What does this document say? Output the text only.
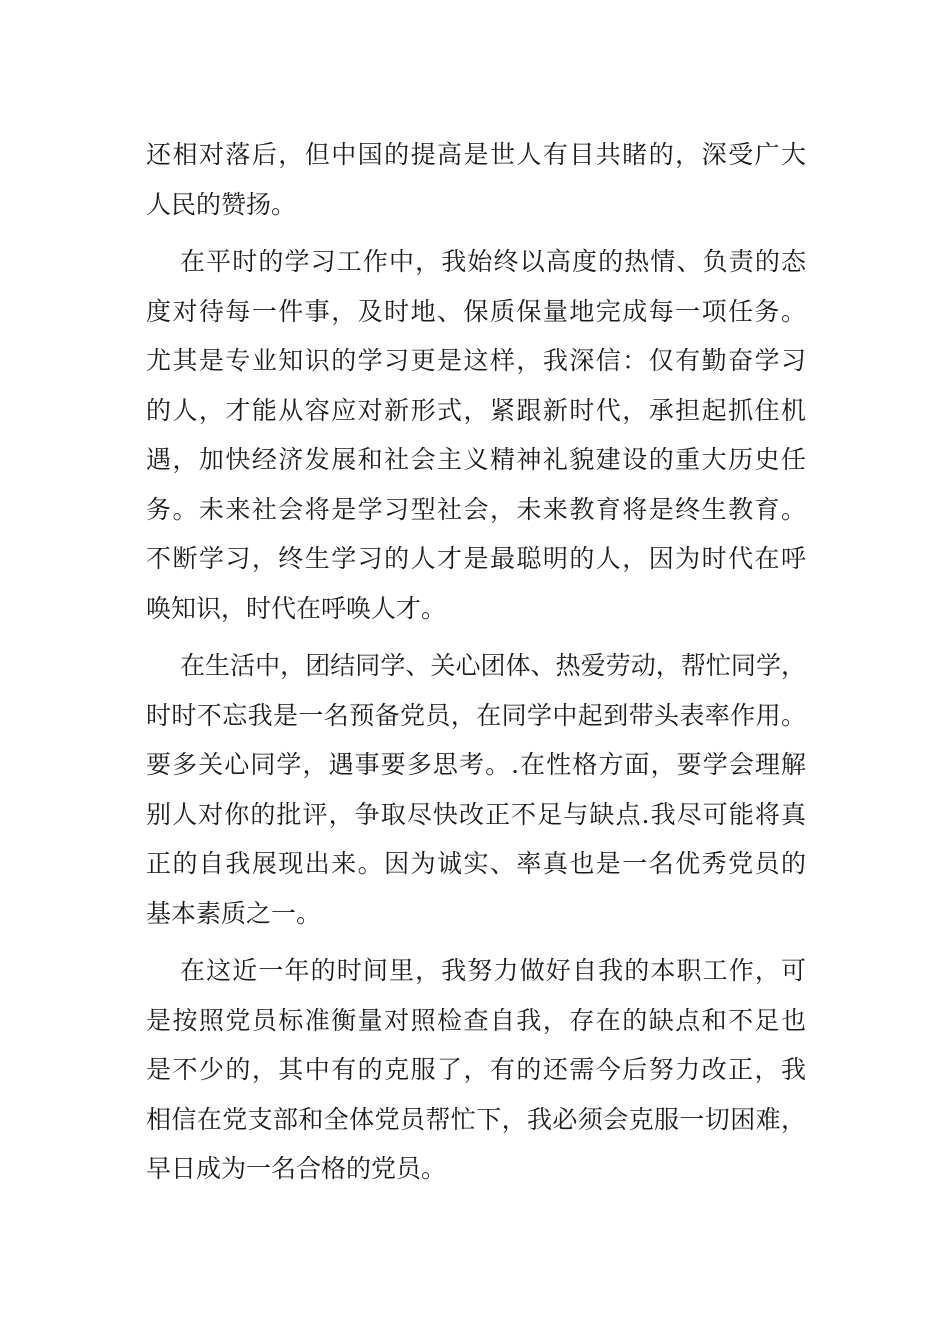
还相对落后，但中国的提高是世人有目共睹的，深受广大
人民的赞扬。
在平时的学习工作中，我始终以高度的热情、负责的态
度对待每一件事，及时地、保质保量地完成每一项任务。
尤其是专业知识的学习更是这样，我深信：仅有勤奋学习
的人，才能从容应对新形式，紧跟新时代，承担起抓住机
遇，加快经济发展和社会主义精神礼貌建设的重大历史任
务。未来社会将是学习型社会，未来教育将是终生教育。
不断学习，终生学习的人才是最聪明的人，因为时代在呼
唤知识，时代在呼唤人才。
在生活中，团结同学、关心团体、热爱劳动，帮忙同学，
时时不忘我是一名预备党员，在同学中起到带头表率作用。
要多关心同学，遇事要多思考。.在性格方面，要学会理解
别人对你的批评，争取尽快改正不足与缺点.我尽可能将真
正的自我展现出来。因为诚实、率真也是一名优秀党员的
基本素质之一。
在这近一年的时间里，我努力做好自我的本职工作，可
是按照党员标准衡量对照检查自我，存在的缺点和不足也
是不少的，其中有的克服了，有的还需今后努力改正，我
相信在党支部和全体党员帮忙下，我必须会克服一切困难，
早日成为一名合格的党员。
